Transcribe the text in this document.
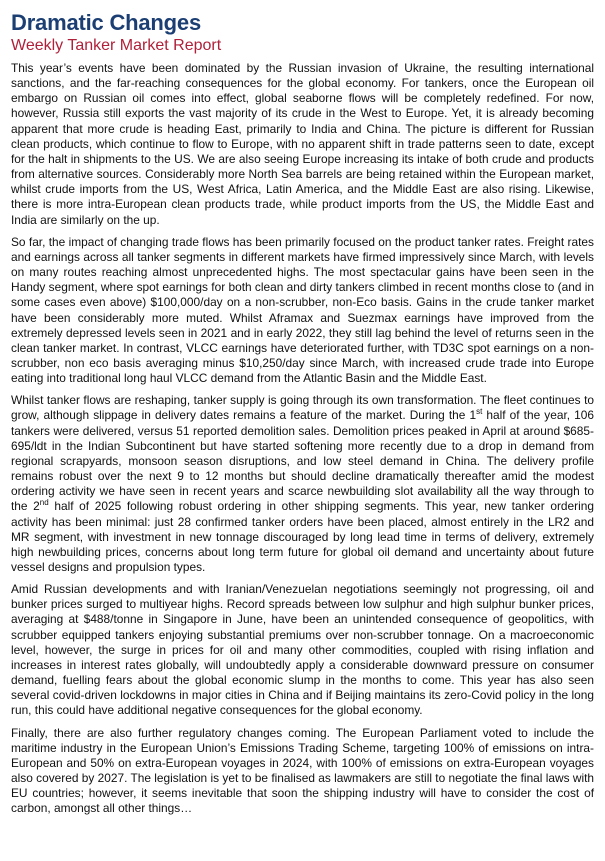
Dramatic Changes
Weekly Tanker Market Report

This year’s events have been dominated by the Russian invasion of Ukraine, the resulting international sanctions, and the far-reaching consequences for the global economy. For tankers, once the European oil embargo on Russian oil comes into effect, global seaborne flows will be completely redefined. For now, however, Russia still exports the vast majority of its crude in the West to Europe. Yet, it is already becoming apparent that more crude is heading East, primarily to India and China. The picture is different for Russian clean products, which continue to flow to Europe, with no apparent shift in trade patterns seen to date, except for the halt in shipments to the US. We are also seeing Europe increasing its intake of both crude and products from alternative sources. Considerably more North Sea barrels are being retained within the European market, whilst crude imports from the US, West Africa, Latin America, and the Middle East are also rising. Likewise, there is more intra-European clean products trade, while product imports from the US, the Middle East and India are similarly on the up.

So far, the impact of changing trade flows has been primarily focused on the product tanker rates. Freight rates and earnings across all tanker segments in different markets have firmed impressively since March, with levels on many routes reaching almost unprecedented highs. The most spectacular gains have been seen in the Handy segment, where spot earnings for both clean and dirty tankers climbed in recent months close to (and in some cases even above) $100,000/day on a non-scrubber, non-Eco basis. Gains in the crude tanker market have been considerably more muted. Whilst Aframax and Suezmax earnings have improved from the extremely depressed levels seen in 2021 and in early 2022, they still lag behind the level of returns seen in the clean tanker market. In contrast, VLCC earnings have deteriorated further, with TD3C spot earnings on a non-scrubber, non eco basis averaging minus $10,250/day since March, with increased crude trade into Europe eating into traditional long haul VLCC demand from the Atlantic Basin and the Middle East.

Whilst tanker flows are reshaping, tanker supply is going through its own transformation. The fleet continues to grow, although slippage in delivery dates remains a feature of the market. During the 1st half of the year, 106 tankers were delivered, versus 51 reported demolition sales. Demolition prices peaked in April at around $685-695/ldt in the Indian Subcontinent but have started softening more recently due to a drop in demand from regional scrapyards, monsoon season disruptions, and low steel demand in China. The delivery profile remains robust over the next 9 to 12 months but should decline dramatically thereafter amid the modest ordering activity we have seen in recent years and scarce newbuilding slot availability all the way through to the 2nd half of 2025 following robust ordering in other shipping segments. This year, new tanker ordering activity has been minimal: just 28 confirmed tanker orders have been placed, almost entirely in the LR2 and MR segment, with investment in new tonnage discouraged by long lead time in terms of delivery, extremely high newbuilding prices, concerns about long term future for global oil demand and uncertainty about future vessel designs and propulsion types.

Amid Russian developments and with Iranian/Venezuelan negotiations seemingly not progressing, oil and bunker prices surged to multiyear highs. Record spreads between low sulphur and high sulphur bunker prices, averaging at $488/tonne in Singapore in June, have been an unintended consequence of geopolitics, with scrubber equipped tankers enjoying substantial premiums over non-scrubber tonnage. On a macroeconomic level, however, the surge in prices for oil and many other commodities, coupled with rising inflation and increases in interest rates globally, will undoubtedly apply a considerable downward pressure on consumer demand, fuelling fears about the global economic slump in the months to come. This year has also seen several covid-driven lockdowns in major cities in China and if Beijing maintains its zero-Covid policy in the long run, this could have additional negative consequences for the global economy.

Finally, there are also further regulatory changes coming. The European Parliament voted to include the maritime industry in the European Union’s Emissions Trading Scheme, targeting 100% of emissions on intra-European and 50% on extra-European voyages in 2024, with 100% of emissions on extra-European voyages also covered by 2027. The legislation is yet to be finalised as lawmakers are still to negotiate the final laws with EU countries; however, it seems inevitable that soon the shipping industry will have to consider the cost of carbon, amongst all other things…
